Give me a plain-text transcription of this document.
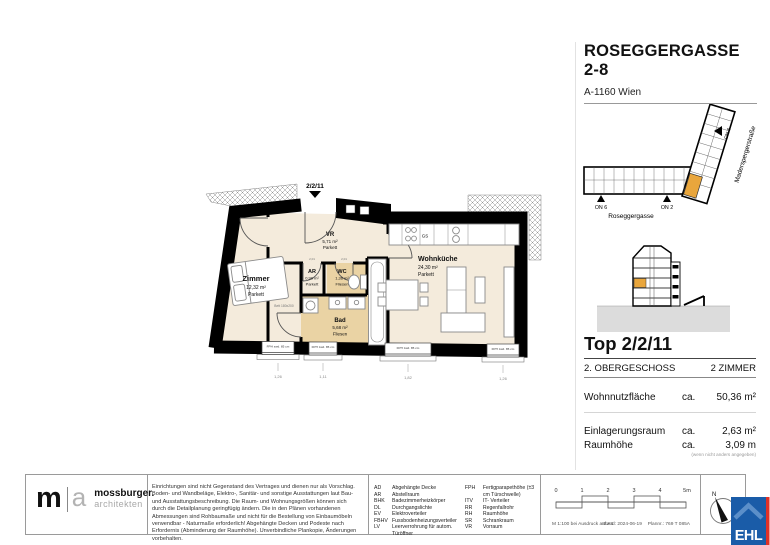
ROSEGGERGASSE 2-8
A-1160 Wien
Top 2/2/11
2. OBERGESCHOSS	2 ZIMMER
Wohnnutzfläche	ca.	50,36 m²
Einlagerungsraum	ca.	2,63 m²
Raumhöhe	ca.	3,09 m
(wenn nicht anders angegeben)
m a mossburger.
architekten
Einrichtungen sind nicht Gegenstand des Vertrages und dienen nur als Vorschlag. Boden- und Wandbeläge, Elektro-, Sanitär- und sonstige Ausstattungen laut Bau- und Ausstattungsbeschreibung. Die Raum- und Wohnungsgrößen können sich durch die Detailplanung geringfügig ändern. Die in den Plänen vorhandenen Abmessungen sind Rohbaumaße und nicht für die Bestellung von Einbaumöbeln verwendbar - Naturmaße erforderlich! Abgehängte Decken und Podeste nach Erfordernis (Abminderung der Raumhöhe). Unverbindliche Plankopie, Änderungen vorbehalten.
AD	Abgehängte Decke
AR	Abstellraum
BHK	Badezimmerheizkörper
DL	Durchgangslichte
EV	Elektroverteiler
FBHV Fussbodenheizungsverteiler
LV	Leerverrohrung für autom. Türöffner
FPH	Fertigparapethöhe (±3 cm Türschwelle)
ITV	IT- Verteiler
RR	Regenfallrohr
RH	Raumhöhe
SR	Schrankraum
VR	Vorraum
2/2/11
FPH zwd. 85 cm	FPH zwd. 85 cm	FPH zwd. 85 cm	FPH zwd. 85 cm
1,26	1,11	1,82	1,26
Zimmer
12,32 m²
Parkett
Bett 180x200
VR
5,71 m²
Parkett
AR
0,99 m²
Parkett
WC
1,36 m²
Fliesen
Bad
5,68 m²
Fliesen
GS
2,01	2,01	Wohnküche
24,30 m²
Parkett
ON 6	ON 2
ON 6
Roseggergasse
Maderspergerstraße
0	1	2	3	4	5m
M 1:100 bei Ausdruck auf A4
Stand: 2024-06-19 Plannr.: 769 T 085A
N
EHL
